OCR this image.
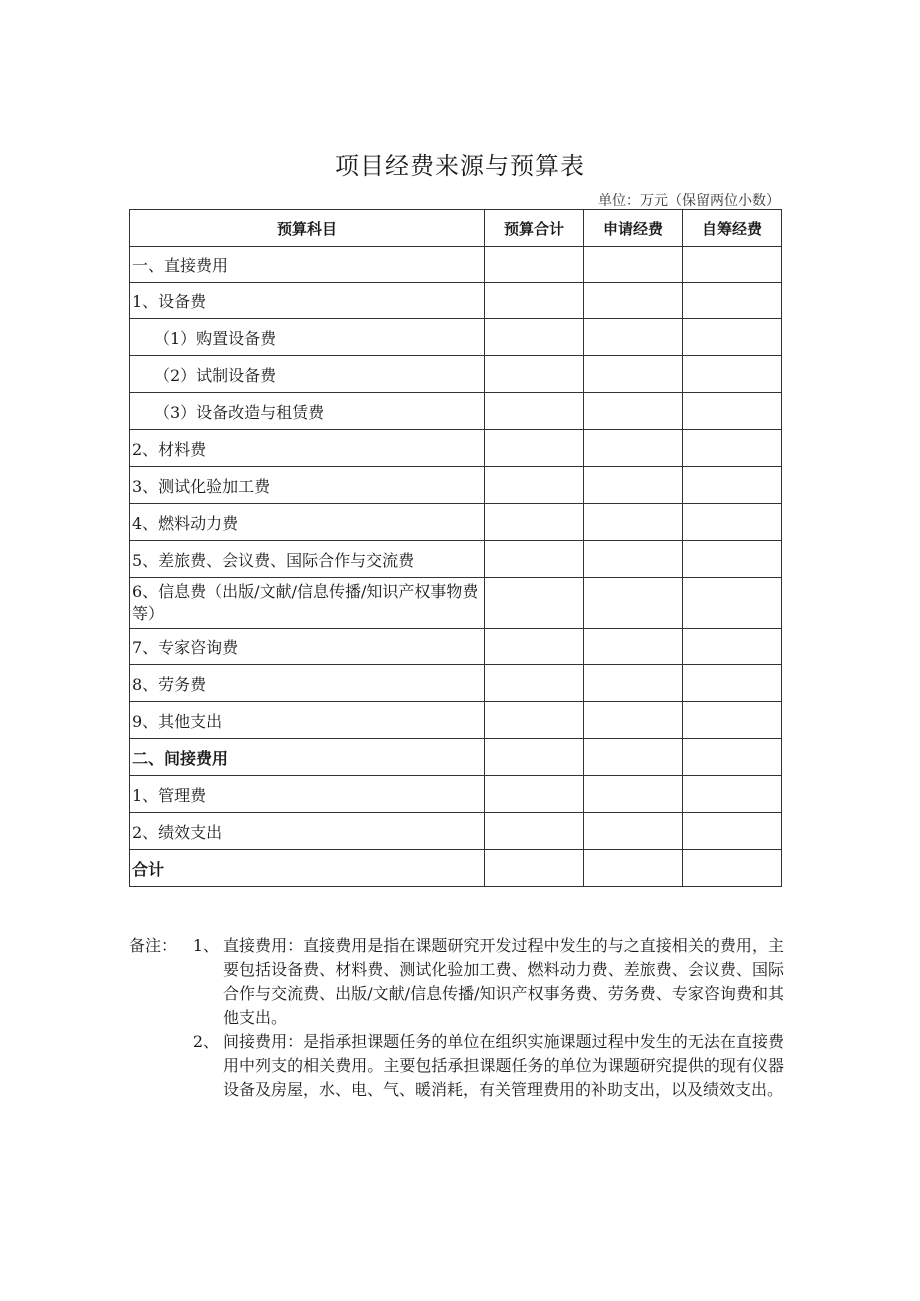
项目经费来源与预算表
单位：万元（保留两位小数）
预算科目	预算合计	申请经费	自筹经费
一、直接费用			
1、设备费			
（1）购置设备费			
（2）试制设备费			
（3）设备改造与租赁费			
2、材料费			
3、测试化验加工费			
4、燃料动力费			
5、差旅费、会议费、国际合作与交流费			
6、信息费（出版/文献/信息传播/知识产权事物费等）			
7、专家咨询费			
8、劳务费			
9、其他支出			
二、间接费用			
1、管理费			
2、绩效支出			
合计			
备注： 1、 直接费用：直接费用是指在课题研究开发过程中发生的与之直接相关的费用，主要包括设备费、材料费、测试化验加工费、燃料动力费、差旅费、会议费、国际合作与交流费、出版/文献/信息传播/知识产权事务费、劳务费、专家咨询费和其他支出。
2、 间接费用：是指承担课题任务的单位在组织实施课题过程中发生的无法在直接费用中列支的相关费用。主要包括承担课题任务的单位为课题研究提供的现有仪器设备及房屋，水、电、气、暖消耗，有关管理费用的补助支出，以及绩效支出。
